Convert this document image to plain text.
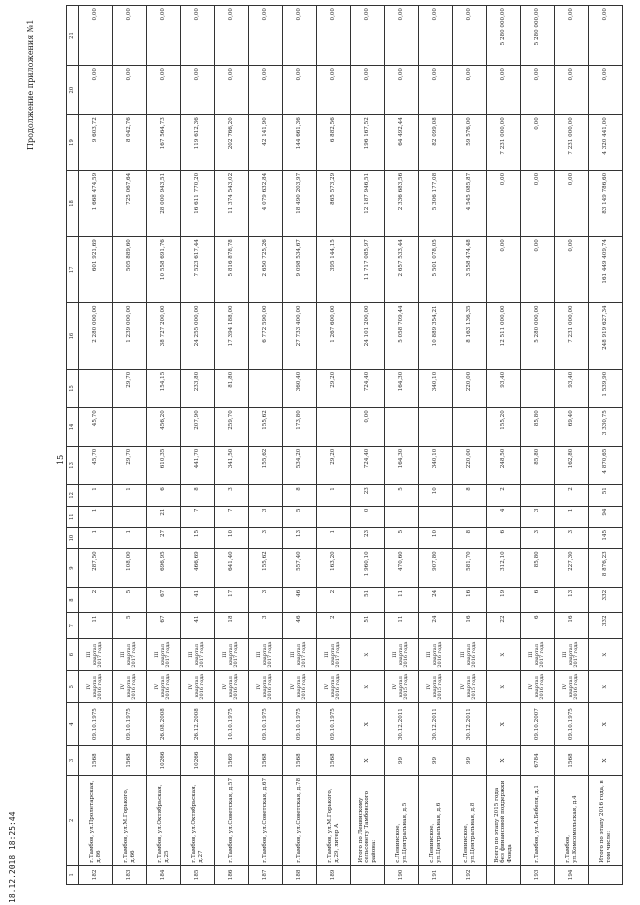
18.12.2018 18:25:44
15
Продолжение приложения №1
1	2	3	4	5	6	7	8	9	10	11	12	13	14	15	16	17	18	19	20	21
182	г.Тамбов, ул.Пролетарская, д.86	1568	09.10.1975	IV квартал 2016 года	III квартал 2017 года	11	2	287,50	1	1	1	45,70	45,70		2 280 000,00	601 921,69	1 668 474,59	9 603,72	0,00	0,00
183	г.Тамбов, ул.М.Горького, д.66	1568	09.10.1975	IV квартал 2016 года	III квартал 2017 года	5	5	108,00	1		1	29,70		29,70	1 239 000,00	505 889,60	725 067,64	8 042,76	0,00	0,00
184	г.Тамбов, ул.Октябрьская, д.25	10266	26.08.2008	IV квартал 2016 года	III квартал 2017 года	67	67	696,95	27	21	6	610,35	456,20	154,15	38 727 200,00	10 558 691,76	28 000 943,51	167 564,73	0,00	0,00
185	г.Тамбов, ул.Октябрьская, д.27	10266	26.12.2008	IV квартал 2016 года	III квартал 2017 года	41	41	466,69	15	7	8	441,70	207,90	233,80	24 255 000,00	7 523 617,44	16 611 770,20	119 612,36	0,00	0,00
186	г.Тамбов, ул.Советская, д.57	1569	10.10.1975	IV квартал 2016 года	III квартал 2017 года	18	17	641,40	10	7	3	341,50	259,70	81,80	17 394 188,00	5 816 878,78	11 374 543,02	202 766,20	0,00	0,00
187	г.Тамбов, ул.Советская, д.67	1568	09.10.1975	IV квартал 2016 года	III квартал 2017 года	3	3	155,62	3	3		155,62	155,62		6 772 590,00	2 650 725,26	4 079 632,84	42 141,90	0,00	0,00
188	г.Тамбов, ул.Советская, д.78	1568	09.10.1975	IV квартал 2016 года	III квартал 2017 года	46	46	557,40	13	5	8	534,20	173,80	360,40	27 733 400,00	9 098 534,67	18 490 203,97	144 661,36	0,00	0,00
189	г.Тамбов, ул.М.Горького, д.29, литер А	1568	09.10.1975	IV квартал 2016 года	III квартал 2017 года	2	2	163,20	1		1	29,20		29,20	1 267 600,00	395 144,15	865 573,29	6 882,56	0,00	0,00
	Итого по Ленинскому сельсовету Тамбовского района:	X	X	X	X	51	51	1 960,10	23	0	23	724,40	0,00	724,40	24 101 200,00	11 717 085,97	12 187 946,51	196 167,52	0,00	0,00
190	с.Ленинское, ул.Центральная, д.5	99	30.12.2011	IV квартал 2015 года	III квартал 2016 года	11	11	470,60	5		5	164,30		164,30	5 058 709,44	2 657 533,44	2 336 683,56	64 492,44	0,00	0,00
191	с.Ленинское, ул.Центральная, д.6	99	30.12.2011	IV квартал 2015 года	III квартал 2016 года	24	24	907,80	10		10	340,10		340,10	10 889 354,21	5 501 078,05	5 306 177,08	82 099,08	0,00	0,00
192	с.Ленинское, ул.Центральная, д.8	99	30.12.2011	IV квартал 2015 года	III квартал 2016 года	16	16	581,70	8		8	220,00		220,00	8 163 136,35	3 558 474,48	4 545 085,87	59 576,00	0,00	0,00
	Всего по этапу 2015 года без финансовой поддержки Фонда	X	X	X	X	22	19	312,10	6	4	2	248,50	155,20	93,40	12 511 000,00	0,00	0,00	7 231 000,00	0,00	5 280 000,00
193	г.Тамбов, ул.А.Бебеля, д.1	6784	09.10.2007	IV квартал 2016 года	III квартал 2017 года	6	6	85,80	3	3		85,80	85,80		5 280 000,00	0,00	0,00	0,00	0,00	5 280 000,00
194	г.Тамбов, ул.Комсомольская, д.4	1568	09.10.1975	IV квартал 2016 года	III квартал 2017 года	16	13	227,30	3	1	2	162,80	69,40	93,40	7 231 000,00	0,00	0,00	7 231 000,00	0,00	0,00
	Итого по этапу 2016 года, в том числе:	X	X	X	X	332	332	8 876,23	145	94	51	4 870,65	3 330,75	1 539,90	248 919 627,34	161 449 409,74	83 149 786,60	4 320 441,00	0,00	0,00
